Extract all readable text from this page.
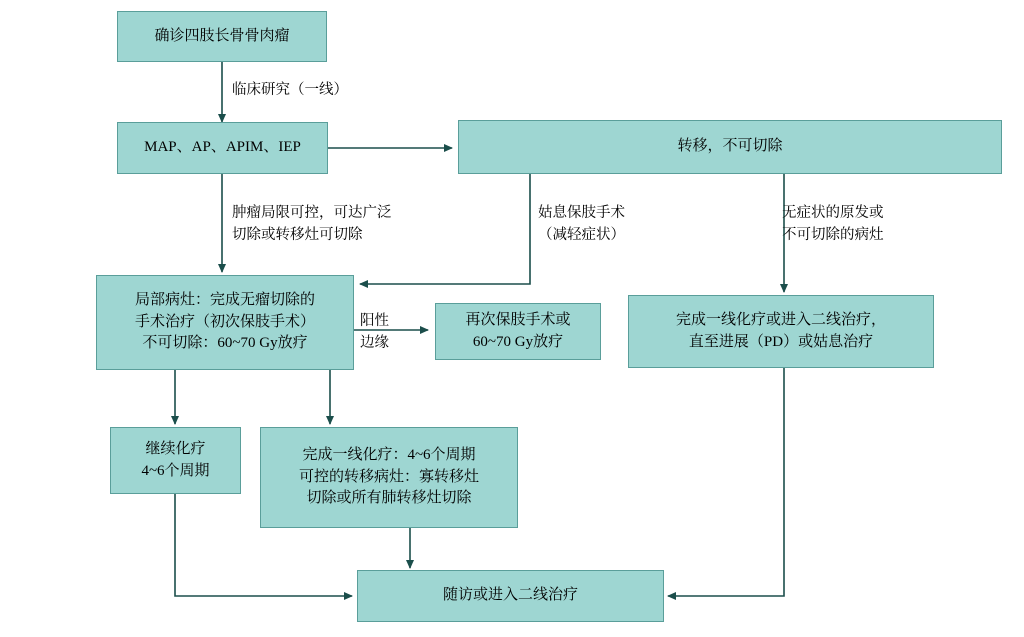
确诊四肢长骨骨肉瘤
MAP、AP、APIM、IEP	转移，不可切除
局部病灶：完成无瘤切除的
手术治疗（初次保肢手术）
不可切除：60~70 Gy放疗
再次保肢手术或
60~70 Gy放疗
完成一线化疗或进入二线治疗，
直至进展（PD）或姑息治疗
继续化疗
4~6个周期
完成一线化疗：4~6个周期
可控的转移病灶：寡转移灶
切除或所有肺转移灶切除
随访或进入二线治疗
临床研究（一线）
肿瘤局限可控，可达广泛
切除或转移灶可切除
姑息保肢手术
（减轻症状）
无症状的原发或
不可切除的病灶
阳性
边缘
